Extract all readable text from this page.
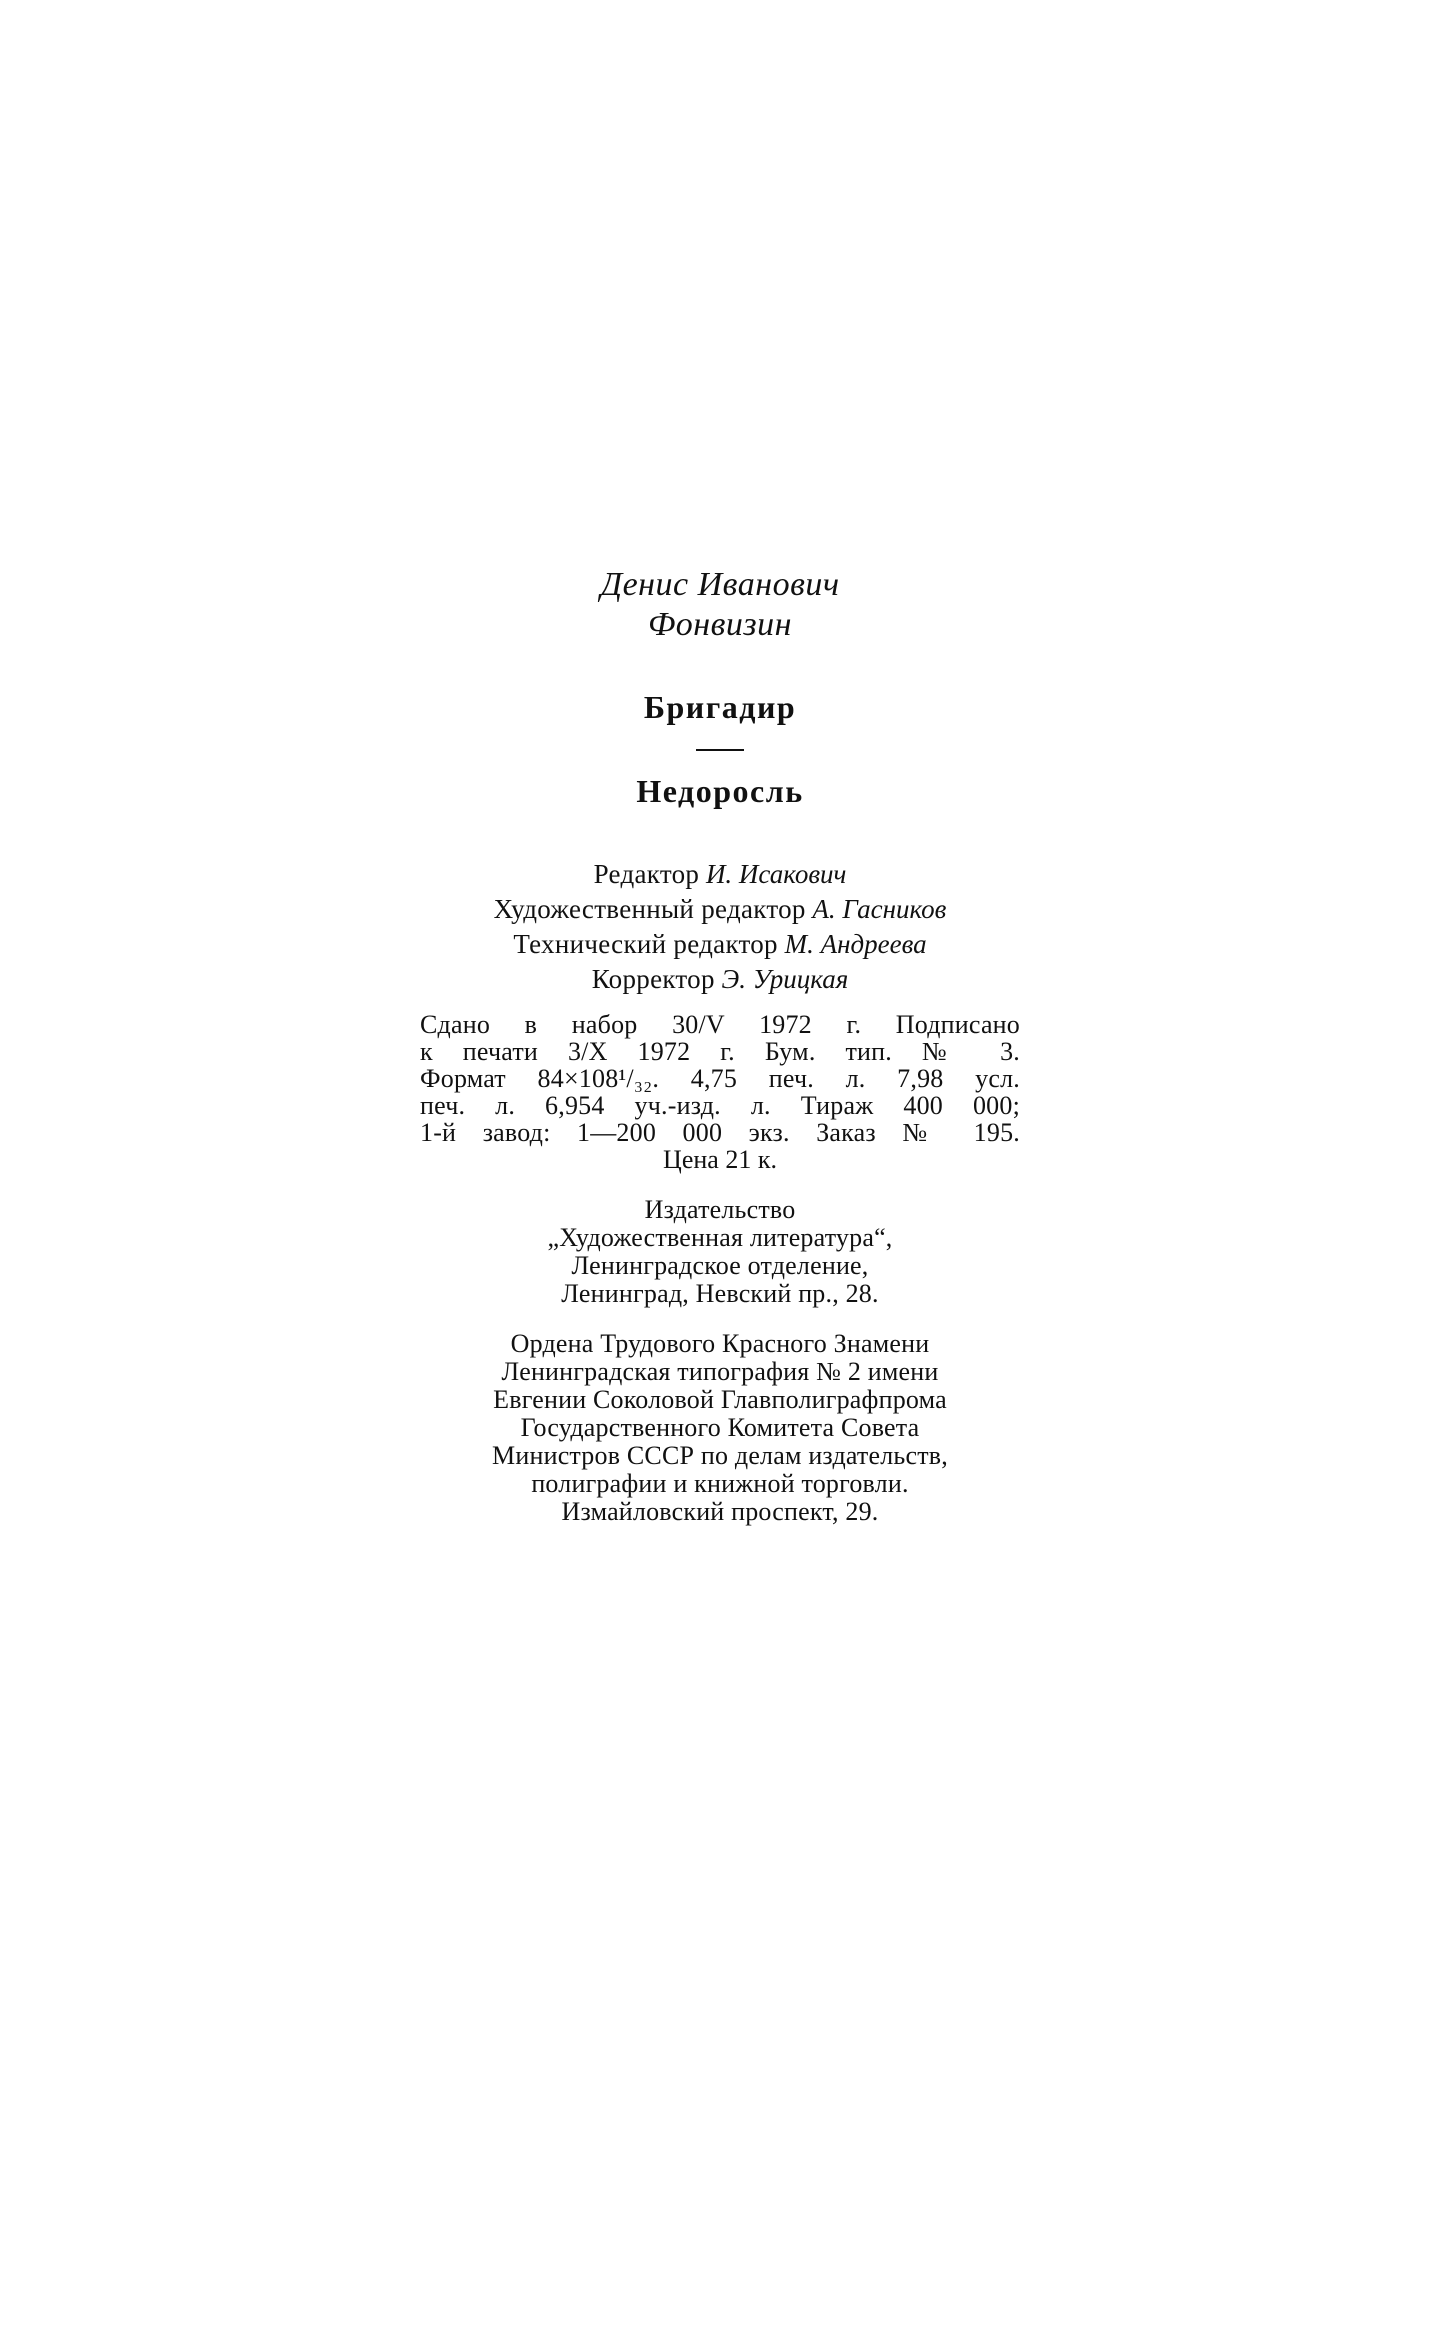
Денис Иванович
Фонвизин
Бригадир
Недоросль
Редактор И. Исакович
Художественный редактор А. Гасников
Технический редактор М. Андреева
Корректор Э. Урицкая
Сдано в набор 30/V 1972 г. Подписано
к печати 3/X 1972 г. Бум. тип. № 3.
Формат 84×108¹/₃₂. 4,75 печ. л. 7,98 усл.
печ. л. 6,954 уч.-изд. л. Тираж 400 000;
1-й завод: 1—200 000 экз. Заказ № 195.
Цена 21 к.
Издательство
„Художественная литература“,
Ленинградское отделение,
Ленинград, Невский пр., 28.
Ордена Трудового Красного Знамени
Ленинградская типография № 2 имени
Евгении Соколовой Главполиграфпрома
Государственного Комитета Совета
Министров СССР по делам издательств,
полиграфии и книжной торговли.
Измайловский проспект, 29.
